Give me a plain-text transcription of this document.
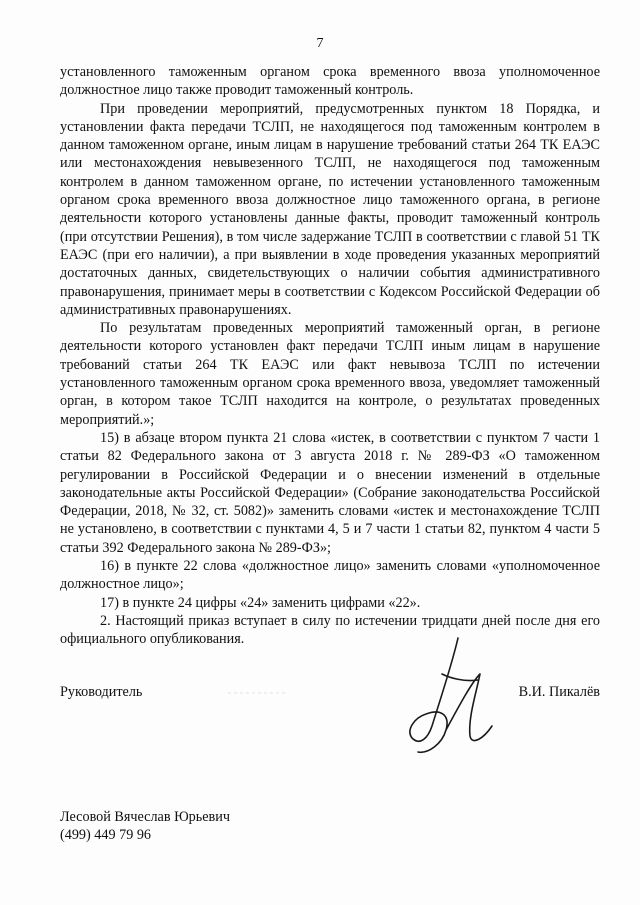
7

установленного таможенным органом срока временного ввоза уполномоченное должностное лицо также проводит таможенный контроль.

При проведении мероприятий, предусмотренных пунктом 18 Порядка, и установлении факта передачи ТСЛП, не находящегося под таможенным контролем в данном таможенном органе, иным лицам в нарушение требований статьи 264 ТК ЕАЭС или местонахождения невывезенного ТСЛП, не находящегося под таможенным контролем в данном таможенном органе, по истечении установленного таможенным органом срока временного ввоза должностное лицо таможенного органа, в регионе деятельности которого установлены данные факты, проводит таможенный контроль (при отсутствии Решения), в том числе задержание ТСЛП в соответствии с главой 51 ТК ЕАЭС (при его наличии), а при выявлении в ходе проведения указанных мероприятий достаточных данных, свидетельствующих о наличии события административного правонарушения, принимает меры в соответствии с Кодексом Российской Федерации об административных правонарушениях.

По результатам проведенных мероприятий таможенный орган, в регионе деятельности которого установлен факт передачи ТСЛП иным лицам в нарушение требований статьи 264 ТК ЕАЭС или факт невывоза ТСЛП по истечении установленного таможенным органом срока временного ввоза, уведомляет таможенный орган, в котором такое ТСЛП находится на контроле, о результатах проведенных мероприятий.»;

15) в абзаце втором пункта 21 слова «истек, в соответствии с пунктом 7 части 1 статьи 82 Федерального закона от 3 августа 2018 г. № 289-ФЗ «О таможенном регулировании в Российской Федерации и о внесении изменений в отдельные законодательные акты Российской Федерации» (Собрание законодательства Российской Федерации, 2018, № 32, ст. 5082)» заменить словами «истек и местонахождение ТСЛП не установлено, в соответствии с пунктами 4, 5 и 7 части 1 статьи 82, пунктом 4 части 5 статьи 392 Федерального закона № 289-ФЗ»;

16) в пункте 22 слова «должностное лицо» заменить словами «уполномоченное должностное лицо»;

17) в пункте 24 цифры «24» заменить цифрами «22».

2. Настоящий приказ вступает в силу по истечении тридцати дней после дня его официального опубликования.

Руководитель	В.И. Пикалёв
Лесовой Вячеслав Юрьевич
(499) 449 79 96
